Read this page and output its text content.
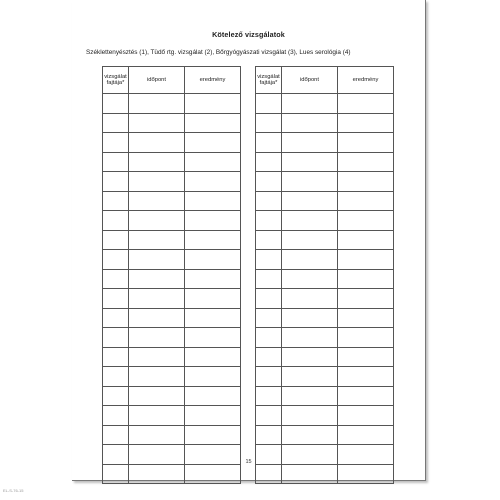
Kötelező vizsgálatok
Széklettenyésztés (1), Tüdő rtg. vizsgálat (2), Bőrgyógyászati vizsgálat (3), Lues serológia (4)
vizsgálat fajtája*	időpont	eredmény

vizsgálat fajtája*	időpont	eredmény

15
EL-S-76-15
